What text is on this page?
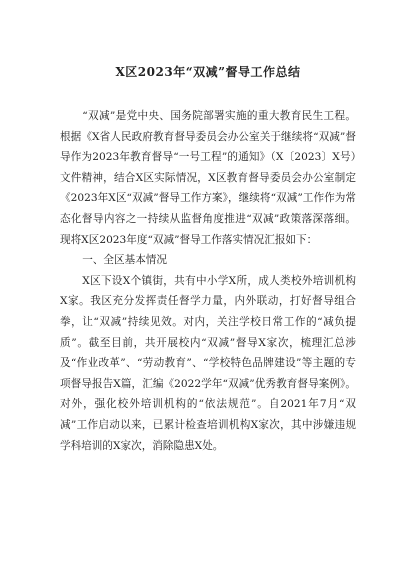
X区2023年“双减”督导工作总结

“双减”是党中央、国务院部署实施的重大教育民生工程。根据《X省人民政府教育督导委员会办公室关于继续将“双减”督导作为2023年教育督导“一号工程”的通知》（X〔2023〕X号）文件精神，结合X区实际情况，X区教育督导委员会办公室制定《2023年X区“双减”督导工作方案》，继续将“双减”工作作为常态化督导内容之一持续从监督角度推进“双减”政策落深落细。现将X区2023年度“双减”督导工作落实情况汇报如下：

一、全区基本情况

X区下设X个镇街，共有中小学X所，成人类校外培训机构X家。我区充分发挥责任督学力量，内外联动，打好督导组合拳，让“双减”持续见效。对内，关注学校日常工作的“减负提质”。截至目前，共开展校内“双减”督导X家次，梳理汇总涉及“作业改革”、“劳动教育”、“学校特色品牌建设”等主题的专项督导报告X篇，汇编《2022学年“双减”优秀教育督导案例》。对外，强化校外培训机构的“依法规范”。自2021年7月“双减”工作启动以来，已累计检查培训机构X家次，其中涉嫌违规学科培训的X家次，消除隐患X处。
